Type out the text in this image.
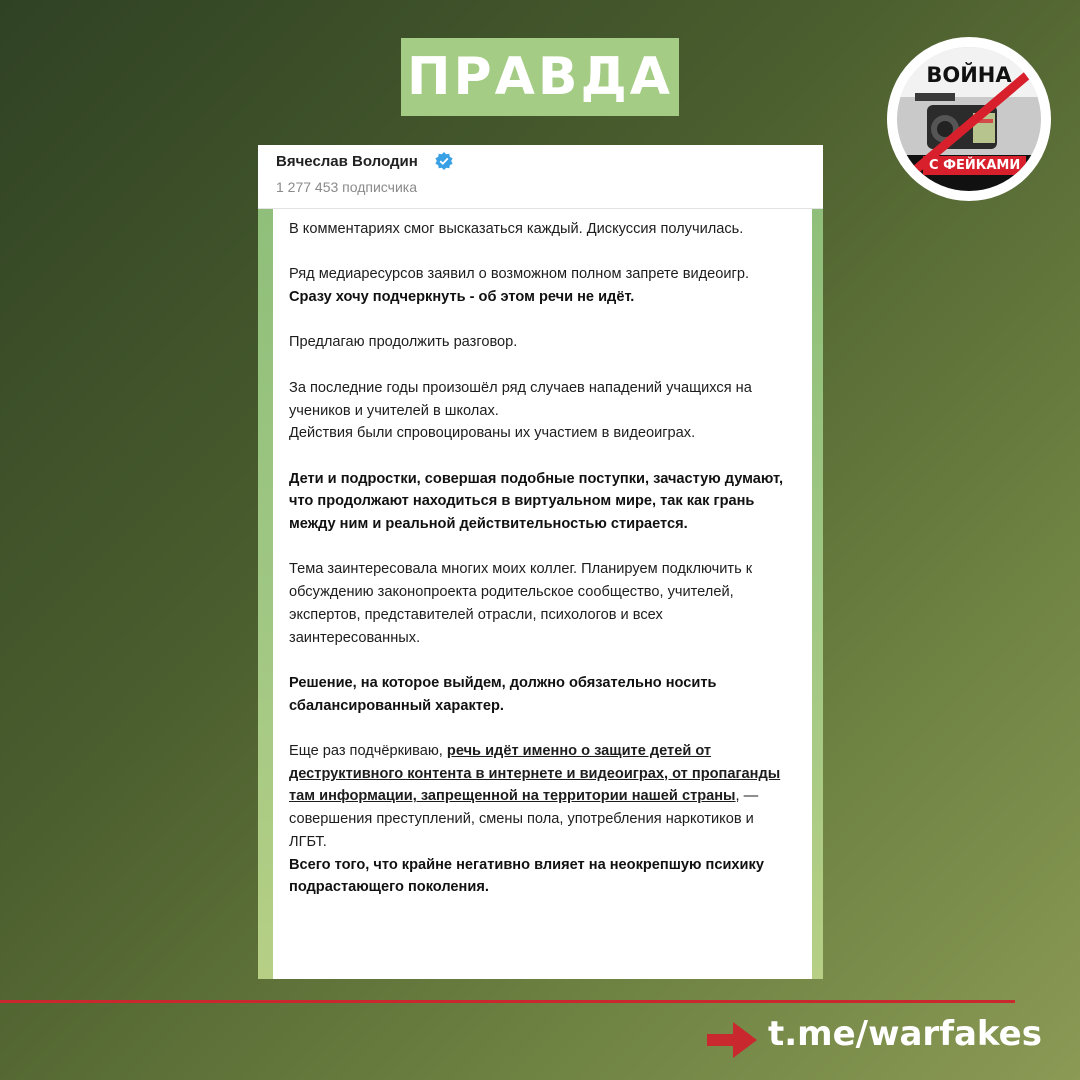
ПРАВДА	ВОЙНА
С ФЕЙКАМИ
Вячеслав Володин
1 277 453 подписчика

В комментариях смог высказаться каждый. Дискуссия получилась.

Ряд медиаресурсов заявил о возможном полном запрете видеоигр.
Сразу хочу подчеркнуть - об этом речи не идёт.

Предлагаю продолжить разговор.

За последние годы произошёл ряд случаев нападений учащихся на учеников и учителей в школах.
Действия были спровоцированы их участием в видеоиграх.

Дети и подростки, совершая подобные поступки, зачастую думают, что продолжают находиться в виртуальном мире, так как грань между ним и реальной действительностью стирается.

Тема заинтересовала многих моих коллег. Планируем подключить к обсуждению законопроекта родительское сообщество, учителей, экспертов, представителей отрасли, психологов и всех заинтересованных.

Решение, на которое выйдем, должно обязательно носить сбалансированный характер.

Еще раз подчёркиваю, речь идёт именно о защите детей от деструктивного контента в интернете и видеоиграх, от пропаганды там информации, запрещенной на территории нашей страны, — совершения преступлений, смены пола, употребления наркотиков и ЛГБТ.
Всего того, что крайне негативно влияет на неокрепшую психику подрастающего поколения.

t.me/warfakes
